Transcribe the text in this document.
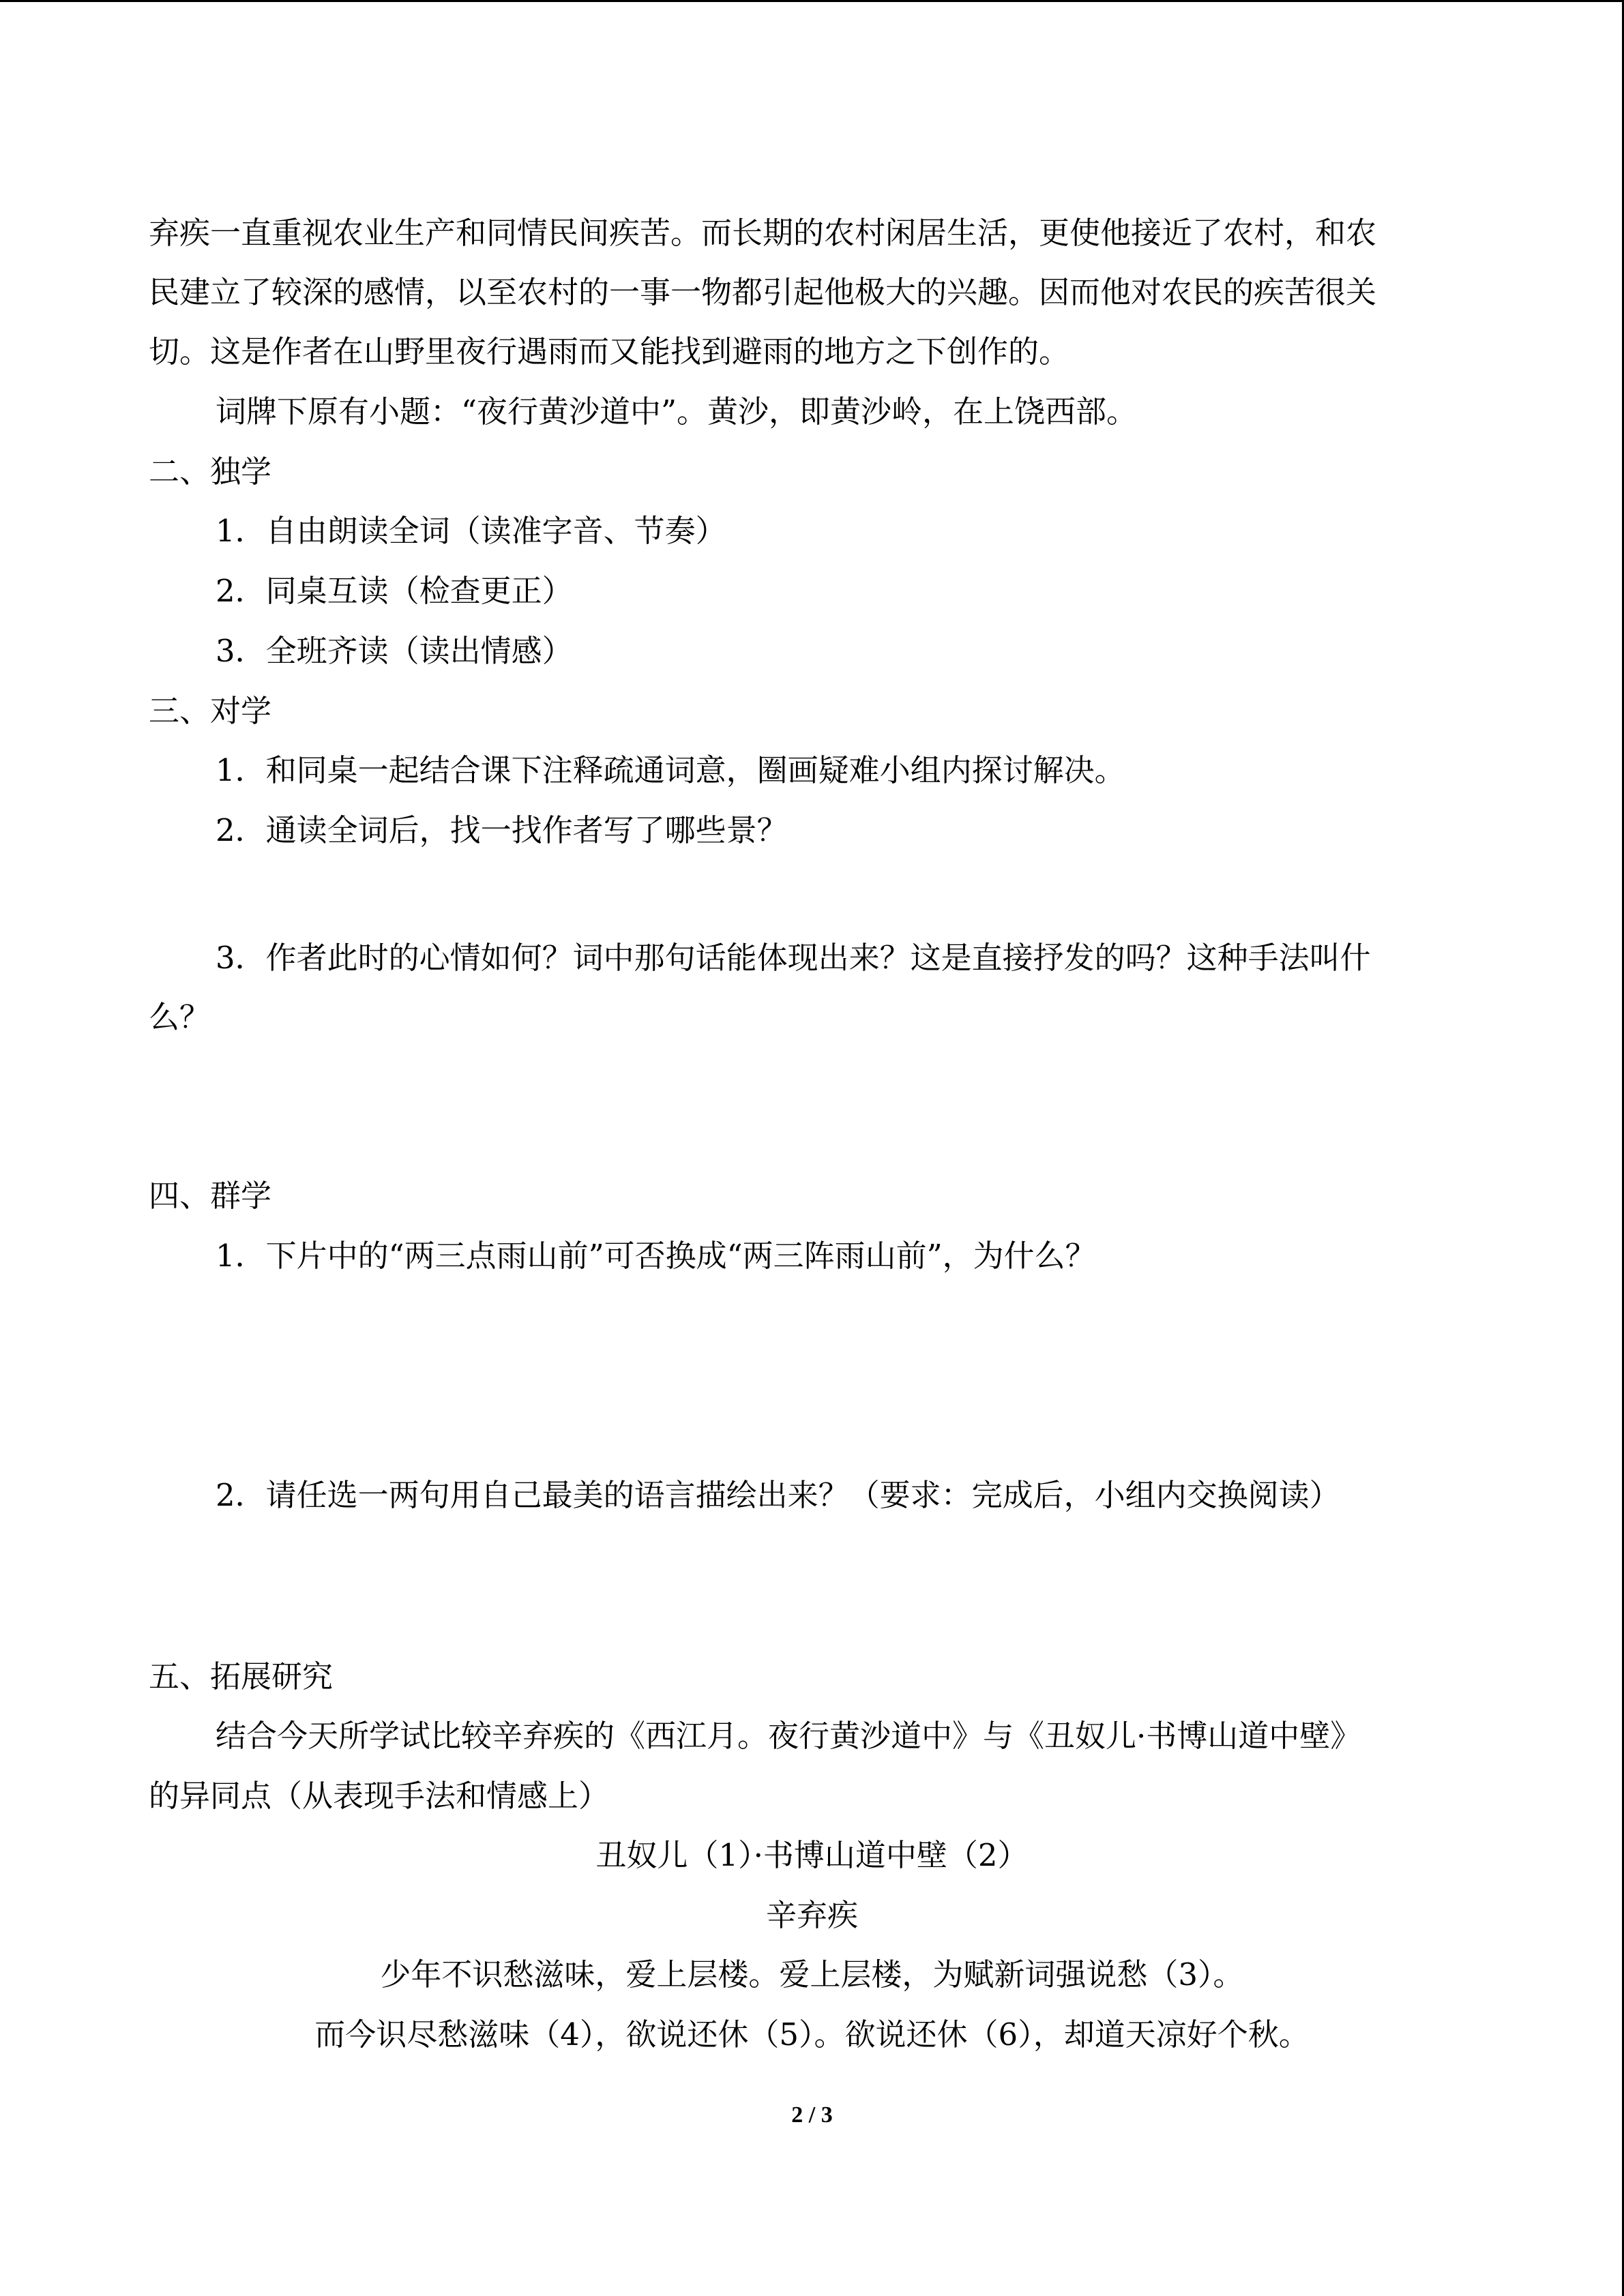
弃疾一直重视农业生产和同情民间疾苦。而长期的农村闲居生活，更使他接近了农村，和农

民建立了较深的感情，以至农村的一事一物都引起他极大的兴趣。因而他对农民的疾苦很关

切。这是作者在山野里夜行遇雨而又能找到避雨的地方之下创作的。

词牌下原有小题：“夜行黄沙道中”。黄沙，即黄沙岭，在上饶西部。

二、独学

1．自由朗读全词（读准字音、节奏）

2．同桌互读（检查更正）

3．全班齐读（读出情感）

三、对学

1．和同桌一起结合课下注释疏通词意，圈画疑难小组内探讨解决。

2．通读全词后，找一找作者写了哪些景？

3．作者此时的心情如何？词中那句话能体现出来？这是直接抒发的吗？这种手法叫什

么？

四、群学

1．下片中的“两三点雨山前”可否换成“两三阵雨山前”，为什么？

2．请任选一两句用自己最美的语言描绘出来？（要求：完成后，小组内交换阅读）

五、拓展研究

结合今天所学试比较辛弃疾的《西江月。夜行黄沙道中》与《丑奴儿·书博山道中壁》

的异同点（从表现手法和情感上）

丑奴儿（1）·书博山道中壁（2）

辛弃疾

少年不识愁滋味，爱上层楼。爱上层楼，为赋新词强说愁（3）。

而今识尽愁滋味（4），欲说还休（5）。欲说还休（6），却道天凉好个秋。

2 / 3
